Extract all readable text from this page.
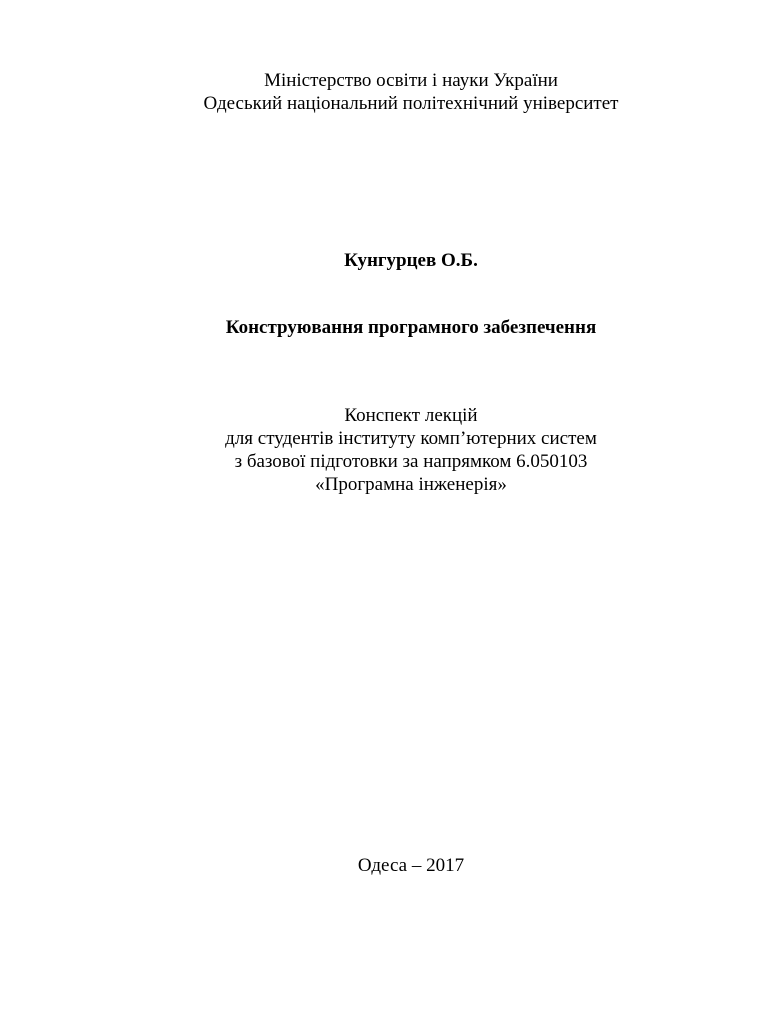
Міністерство освіти і науки України
Одеський національний політехнічний університет
Кунгурцев О.Б.
Конструювання програмного забезпечення
Конспект лекцій
для студентів інституту комп’ютерних систем
з базової підготовки за напрямком 6.050103
«Програмна інженерія»
Одеса – 2017
